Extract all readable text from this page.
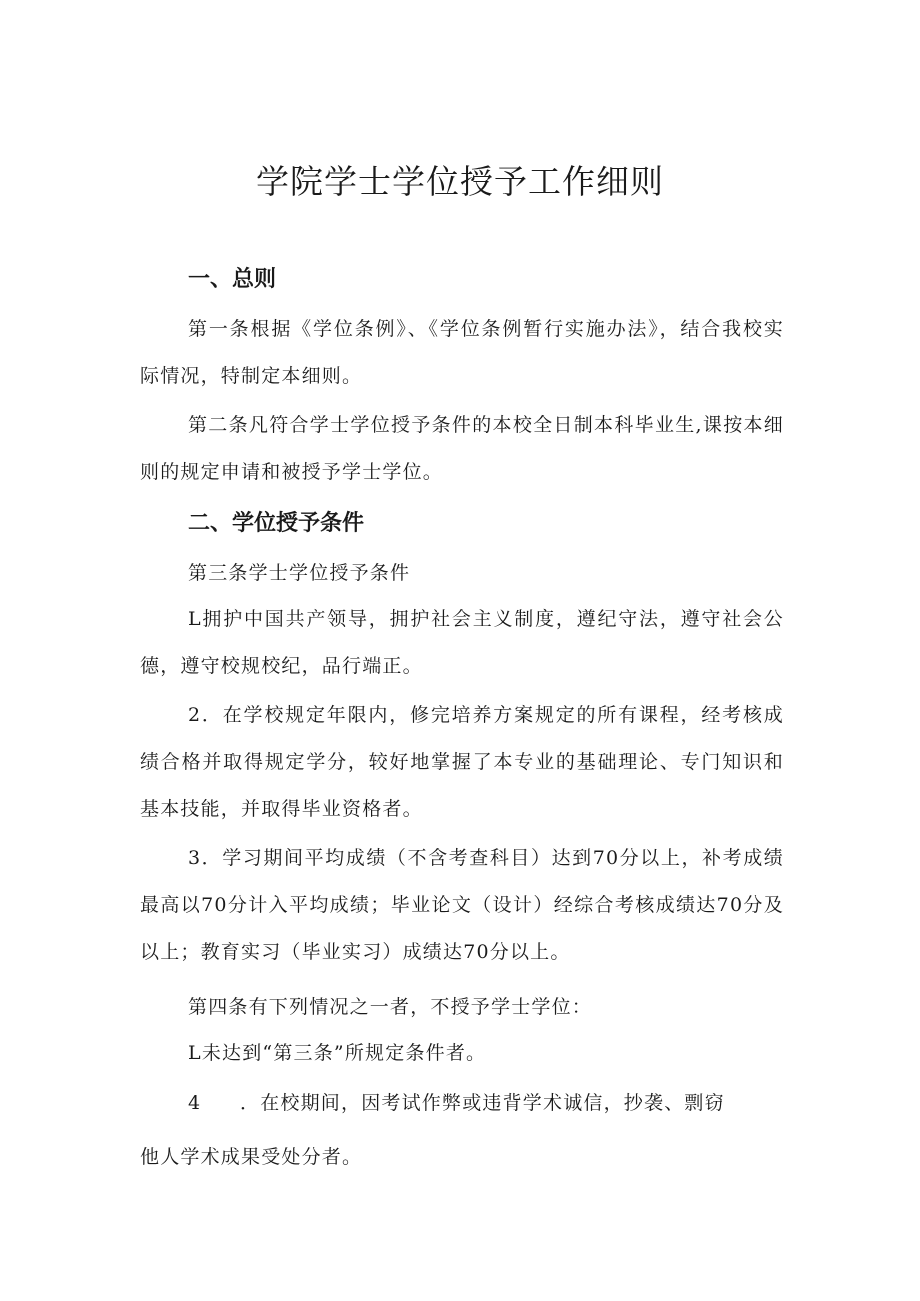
学院学士学位授予工作细则
一、总则

第一条根据《学位条例》、《学位条例暂行实施办法》，结合我校实际情况，特制定本细则。

第二条凡符合学士学位授予条件的本校全日制本科毕业生,课按本细则的规定申请和被授予学士学位。

二、学位授予条件

第三条学士学位授予条件

L拥护中国共产领导，拥护社会主义制度，遵纪守法，遵守社会公德，遵守校规校纪，品行端正。

2．在学校规定年限内，修完培养方案规定的所有课程，经考核成绩合格并取得规定学分，较好地掌握了本专业的基础理论、专门知识和基本技能，并取得毕业资格者。

3．学习期间平均成绩（不含考查科目）达到70分以上，补考成绩最高以70分计入平均成绩；毕业论文（设计）经综合考核成绩达70分及以上；教育实习（毕业实习）成绩达70分以上。

第四条有下列情况之一者，不授予学士学位：

L未达到“第三条”所规定条件者。

4 ．在校期间，因考试作弊或违背学术诚信，抄袭、剽窃

他人学术成果受处分者。
